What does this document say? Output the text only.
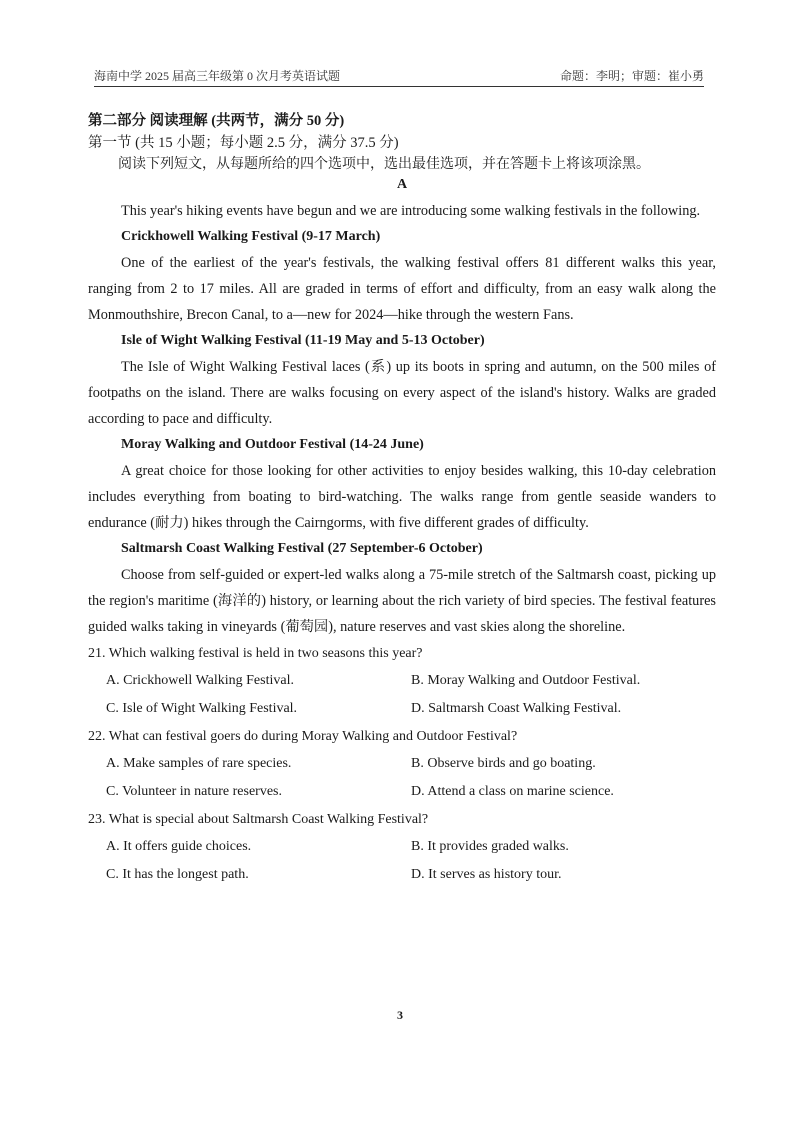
海南中学 2025 届高三年级第 0 次月考英语试题	命题：李明；审题：崔小勇
第二部分 阅读理解 (共两节，满分 50 分)
第一节 (共 15 小题；每小题 2.5 分，满分 37.5 分)
阅读下列短文，从每题所给的四个选项中，选出最佳选项，并在答题卡上将该项涂黑。
A

This year's hiking events have begun and we are introducing some walking festivals in the following.

Crickhowell Walking Festival (9-17 March)

One of the earliest of the year's festivals, the walking festival offers 81 different walks this year, ranging from 2 to 17 miles. All are graded in terms of effort and difficulty, from an easy walk along the Monmouthshire, Brecon Canal, to a—new for 2024—hike through the western Fans.

Isle of Wight Walking Festival (11-19 May and 5-13 October)

The Isle of Wight Walking Festival laces (系) up its boots in spring and autumn, on the 500 miles of footpaths on the island. There are walks focusing on every aspect of the island's history. Walks are graded according to pace and difficulty.

Moray Walking and Outdoor Festival (14-24 June)

A great choice for those looking for other activities to enjoy besides walking, this 10-day celebration includes everything from boating to bird-watching. The walks range from gentle seaside wanders to endurance (耐力) hikes through the Cairngorms, with five different grades of difficulty.

Saltmarsh Coast Walking Festival (27 September-6 October)

Choose from self-guided or expert-led walks along a 75-mile stretch of the Saltmarsh coast, picking up the region's maritime (海洋的) history, or learning about the rich variety of bird species. The festival features guided walks taking in vineyards (葡萄园), nature reserves and vast skies along the shoreline.

21. Which walking festival is held in two seasons this year?
A. Crickhowell Walking Festival.	B. Moray Walking and Outdoor Festival.
C. Isle of Wight Walking Festival.	D. Saltmarsh Coast Walking Festival.
22. What can festival goers do during Moray Walking and Outdoor Festival?
A. Make samples of rare species.	B. Observe birds and go boating.
C. Volunteer in nature reserves.	D. Attend a class on marine science.
23. What is special about Saltmarsh Coast Walking Festival?
A. It offers guide choices.	B. It provides graded walks.
C. It has the longest path.	D. It serves as history tour.
3
